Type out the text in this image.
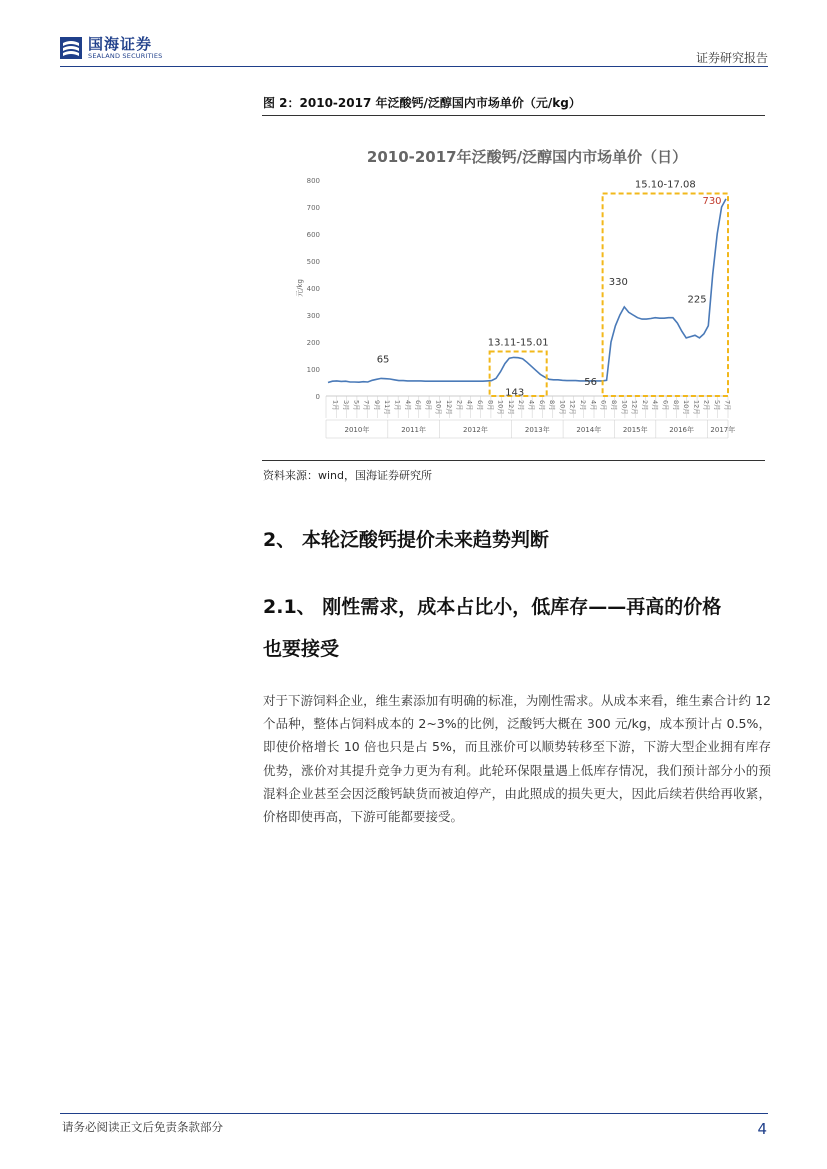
国海证券
SEALAND SECURITIES	证券研究报告
图 2：2010-2017 年泛酸钙/泛醇国内市场单价（元/kg）
2010-2017年泛酸钙/泛醇国内市场单价（日）
0
100
200
300
400
500
600
700
800
元/kg
1月 3月 5月 7月 9月 11月 1月 4月 6月 8月 10月 12月 2月 4月 6月 8月 10月 12月 2月 4月 6月 8月 10月 12月 2月 4月 6月 8月 10月 12月 2月 4月 6月 8月 10月 12月 2月 5月 7月
2010年	2011年	2012年	2013年	2014年	2015年	2016年 2017年
65
143
56
330
225
730
13.11-15.01
15.10-17.08
资料来源：wind，国海证券研究所
2、 本轮泛酸钙提价未来趋势判断
2.1、 刚性需求，成本占比小，低库存——再高的价格
也要接受
对于下游饲料企业，维生素添加有明确的标准，为刚性需求。从成本来看，维生素合计约 12 个品种，整体占饲料成本的 2~3%的比例，泛酸钙大概在 300 元/kg，成本预计占 0.5%，即使价格增长 10 倍也只是占 5%，而且涨价可以顺势转移至下游，下游大型企业拥有库存优势，涨价对其提升竞争力更为有利。此轮环保限量遇上低库存情况，我们预计部分小的预混料企业甚至会因泛酸钙缺货而被迫停产，由此照成的损失更大，因此后续若供给再收紧，价格即使再高，下游可能都要接受。
请务必阅读正文后免责条款部分	4
